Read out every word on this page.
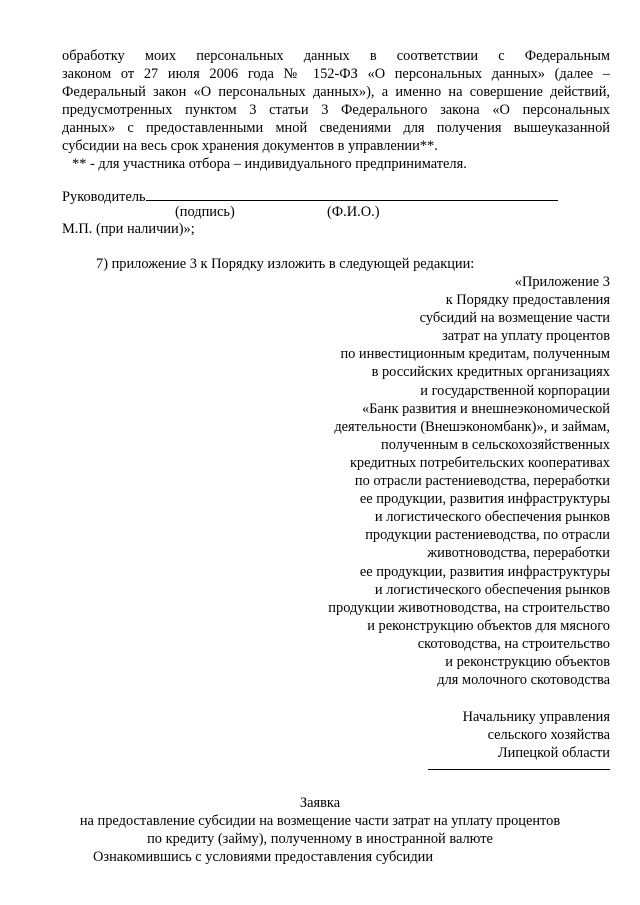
обработку моих персональных данных в соответствии с Федеральным
законом от 27 июля 2006 года № 152-ФЗ «О персональных данных» (далее –
Федеральный закон «О персональных данных»), а именно на совершение действий,
предусмотренных пунктом 3 статьи 3 Федерального закона «О персональных
данных» с предоставленными мной сведениями для получения вышеуказанной
субсидии на весь срок хранения документов в управлении**.
** - для участника отбора – индивидуального предпринимателя.
Руководитель
(подпись)	(Ф.И.О.)
М.П. (при наличии)»;
7) приложение 3 к Порядку изложить в следующей редакции:
«Приложение 3
к Порядку предоставления
субсидий на возмещение части
затрат на уплату процентов
по инвестиционным кредитам, полученным
в российских кредитных организациях
и государственной корпорации
«Банк развития и внешнеэкономической
деятельности (Внешэкономбанк)», и займам,
полученным в сельскохозяйственных
кредитных потребительских кооперативах
по отрасли растениеводства, переработки
ее продукции, развития инфраструктуры
и логистического обеспечения рынков
продукции растениеводства, по отрасли
животноводства, переработки
ее продукции, развития инфраструктуры
и логистического обеспечения рынков
продукции животноводства, на строительство
и реконструкцию объектов для мясного
скотоводства, на строительство
и реконструкцию объектов
для молочного скотоводства
Начальнику управления
сельского хозяйства
Липецкой области
Заявка
на предоставление субсидии на возмещение части затрат на уплату процентов
по кредиту (займу), полученному в иностранной валюте
Ознакомившись с условиями предоставления субсидии
